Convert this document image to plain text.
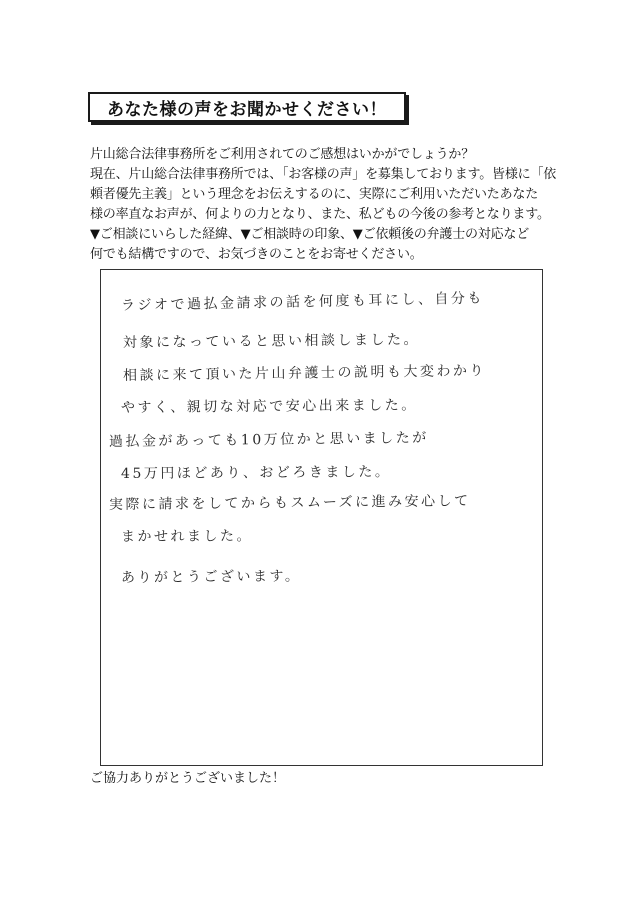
あなた様の声をお聞かせください！
片山総合法律事務所をご利用されてのご感想はいかがでしょうか？
現在、片山総合法律事務所では、「お客様の声」を募集しております。皆様に「依
頼者優先主義」という理念をお伝えするのに、実際にご利用いただいたあなた
様の率直なお声が、何よりの力となり、また、私どもの今後の参考となります。
▼ご相談にいらした経緯、▼ご相談時の印象、▼ご依頼後の弁護士の対応など
何でも結構ですので、お気づきのことをお寄せください。
ラジオで過払金請求の話を何度も耳にし、自分も
対象になっていると思い相談しました。
相談に来て頂いた片山弁護士の説明も大変わかり
やすく、親切な対応で安心出来ました。
過払金があっても10万位かと思いましたが
45万円ほどあり、おどろきました。
実際に請求をしてからもスムーズに進み安心して
まかせれました。
ありがとうございます。
ご協力ありがとうございました！
